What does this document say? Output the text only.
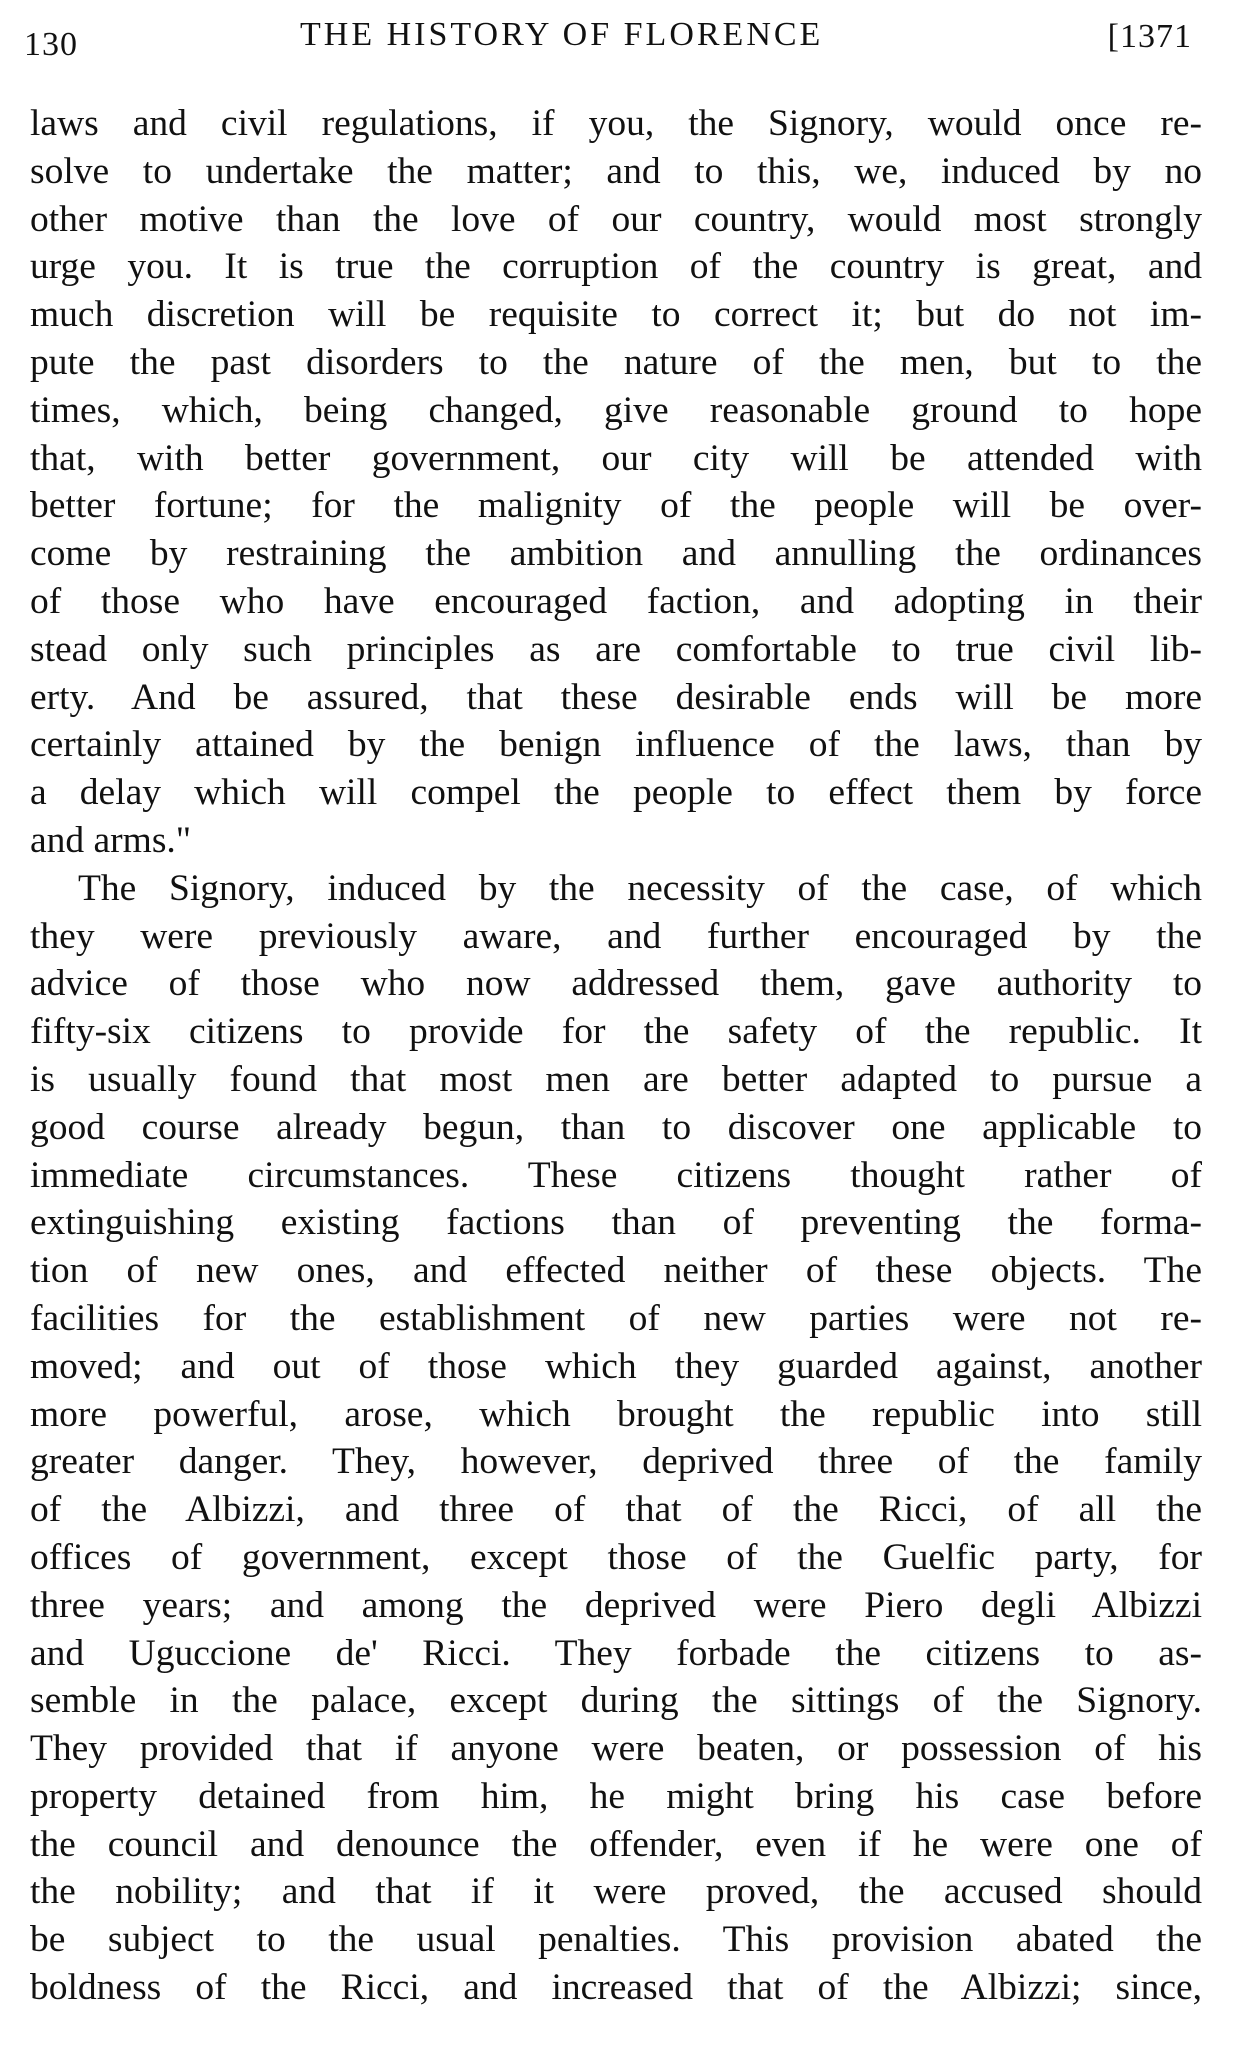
130	THE HISTORY OF FLORENCE	[1371
laws and civil regulations, if you, the Signory, would once re-
solve to undertake the matter; and to this, we, induced by no
other motive than the love of our country, would most strongly
urge you. It is true the corruption of the country is great, and
much discretion will be requisite to correct it; but do not im-
pute the past disorders to the nature of the men, but to the
times, which, being changed, give reasonable ground to hope
that, with better government, our city will be attended with
better fortune; for the malignity of the people will be over-
come by restraining the ambition and annulling the ordinances
of those who have encouraged faction, and adopting in their
stead only such principles as are comfortable to true civil lib-
erty. And be assured, that these desirable ends will be more
certainly attained by the benign influence of the laws, than by
a delay which will compel the people to effect them by force
and arms."
The Signory, induced by the necessity of the case, of which
they were previously aware, and further encouraged by the
advice of those who now addressed them, gave authority to
fifty-six citizens to provide for the safety of the republic. It
is usually found that most men are better adapted to pursue a
good course already begun, than to discover one applicable to
immediate circumstances. These citizens thought rather of
extinguishing existing factions than of preventing the forma-
tion of new ones, and effected neither of these objects. The
facilities for the establishment of new parties were not re-
moved; and out of those which they guarded against, another
more powerful, arose, which brought the republic into still
greater danger. They, however, deprived three of the family
of the Albizzi, and three of that of the Ricci, of all the
offices of government, except those of the Guelfic party, for
three years; and among the deprived were Piero degli Albizzi
and Uguccione de' Ricci. They forbade the citizens to as-
semble in the palace, except during the sittings of the Signory.
They provided that if anyone were beaten, or possession of his
property detained from him, he might bring his case before
the council and denounce the offender, even if he were one of
the nobility; and that if it were proved, the accused should
be subject to the usual penalties. This provision abated the
boldness of the Ricci, and increased that of the Albizzi; since,
